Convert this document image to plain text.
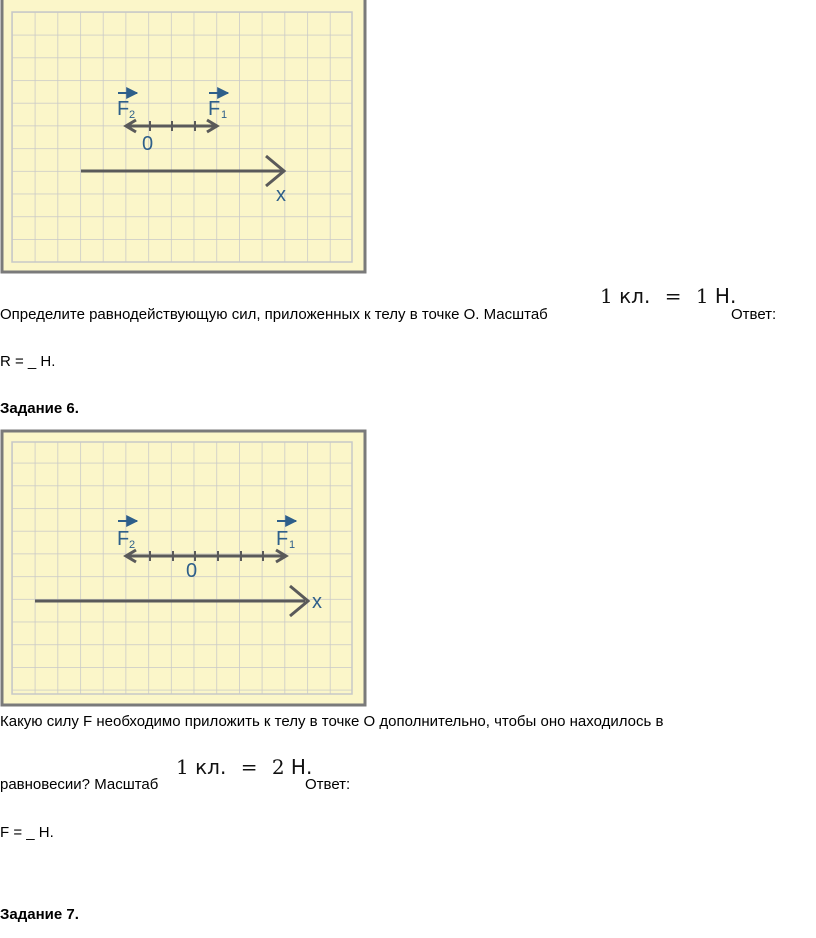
x
0
F 2	F 1
Определите равнодействующую сил, приложенных к телу в точке О. Масштаб
1 кл. = 1 Н.
Ответ:
R = _ Н.
Задание 6.
x
0
F 2	F 1
Какую силу F необходимо приложить к телу в точке О дополнительно, чтобы оно находилось в
равновесии? Масштаб
1 кл. = 2 Н.
Ответ:
F = _ Н.
Задание 7.
